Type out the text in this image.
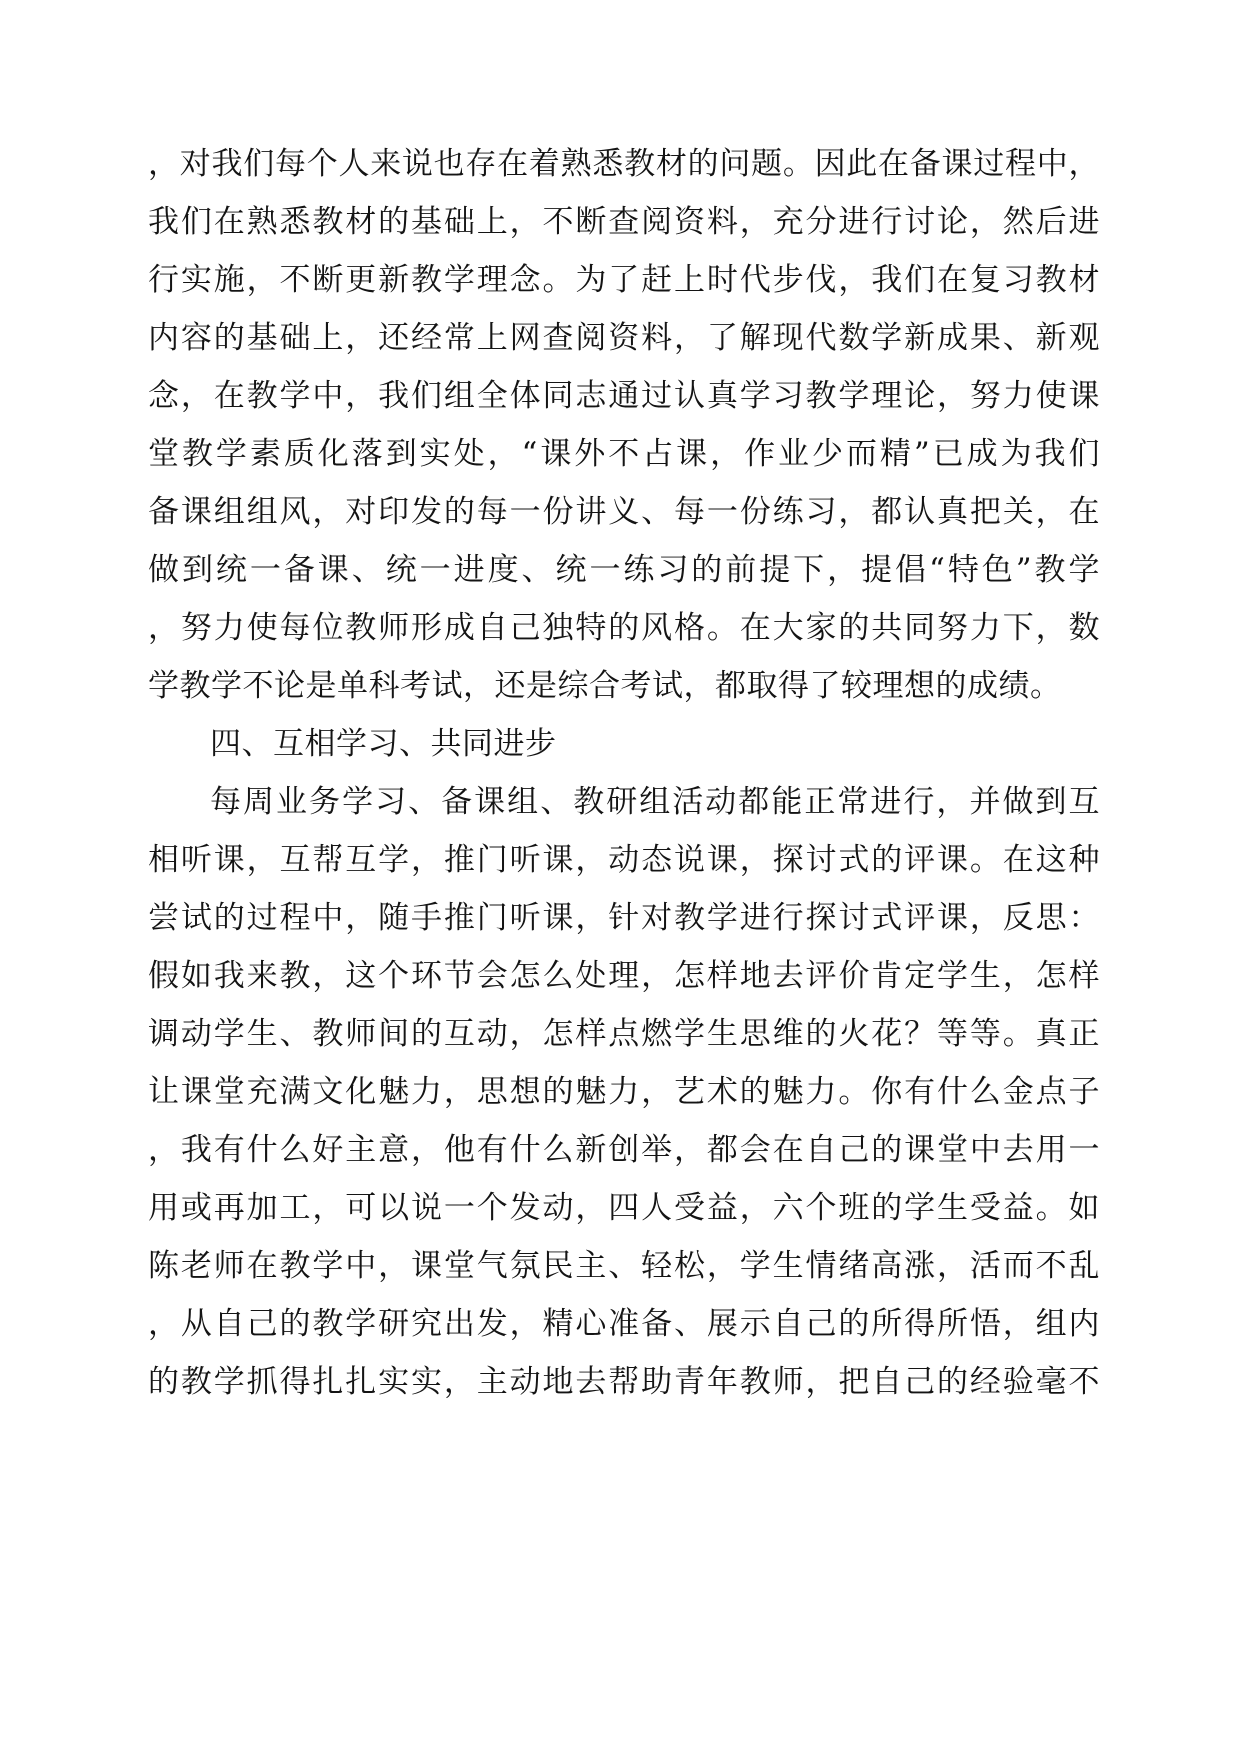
，对我们每个人来说也存在着熟悉教材的问题。因此在备课过程中，
我们在熟悉教材的基础上，不断查阅资料，充分进行讨论，然后进
行实施，不断更新教学理念。为了赶上时代步伐，我们在复习教材
内容的基础上，还经常上网查阅资料，了解现代数学新成果、新观
念，在教学中，我们组全体同志通过认真学习教学理论，努力使课
堂教学素质化落到实处，“课外不占课，作业少而精”已成为我们
备课组组风，对印发的每一份讲义、每一份练习，都认真把关，在
做到统一备课、统一进度、统一练习的前提下，提倡“特色”教学
，努力使每位教师形成自己独特的风格。在大家的共同努力下，数
学教学不论是单科考试，还是综合考试，都取得了较理想的成绩。
四、互相学习、共同进步
每周业务学习、备课组、教研组活动都能正常进行，并做到互
相听课，互帮互学，推门听课，动态说课，探讨式的评课。在这种
尝试的过程中，随手推门听课，针对教学进行探讨式评课，反思：
假如我来教，这个环节会怎么处理，怎样地去评价肯定学生，怎样
调动学生、教师间的互动，怎样点燃学生思维的火花？等等。真正
让课堂充满文化魅力，思想的魅力，艺术的魅力。你有什么金点子
，我有什么好主意，他有什么新创举，都会在自己的课堂中去用一
用或再加工，可以说一个发动，四人受益，六个班的学生受益。如
陈老师在教学中，课堂气氛民主、轻松，学生情绪高涨，活而不乱
，从自己的教学研究出发，精心准备、展示自己的所得所悟，组内
的教学抓得扎扎实实，主动地去帮助青年教师，把自己的经验毫不
